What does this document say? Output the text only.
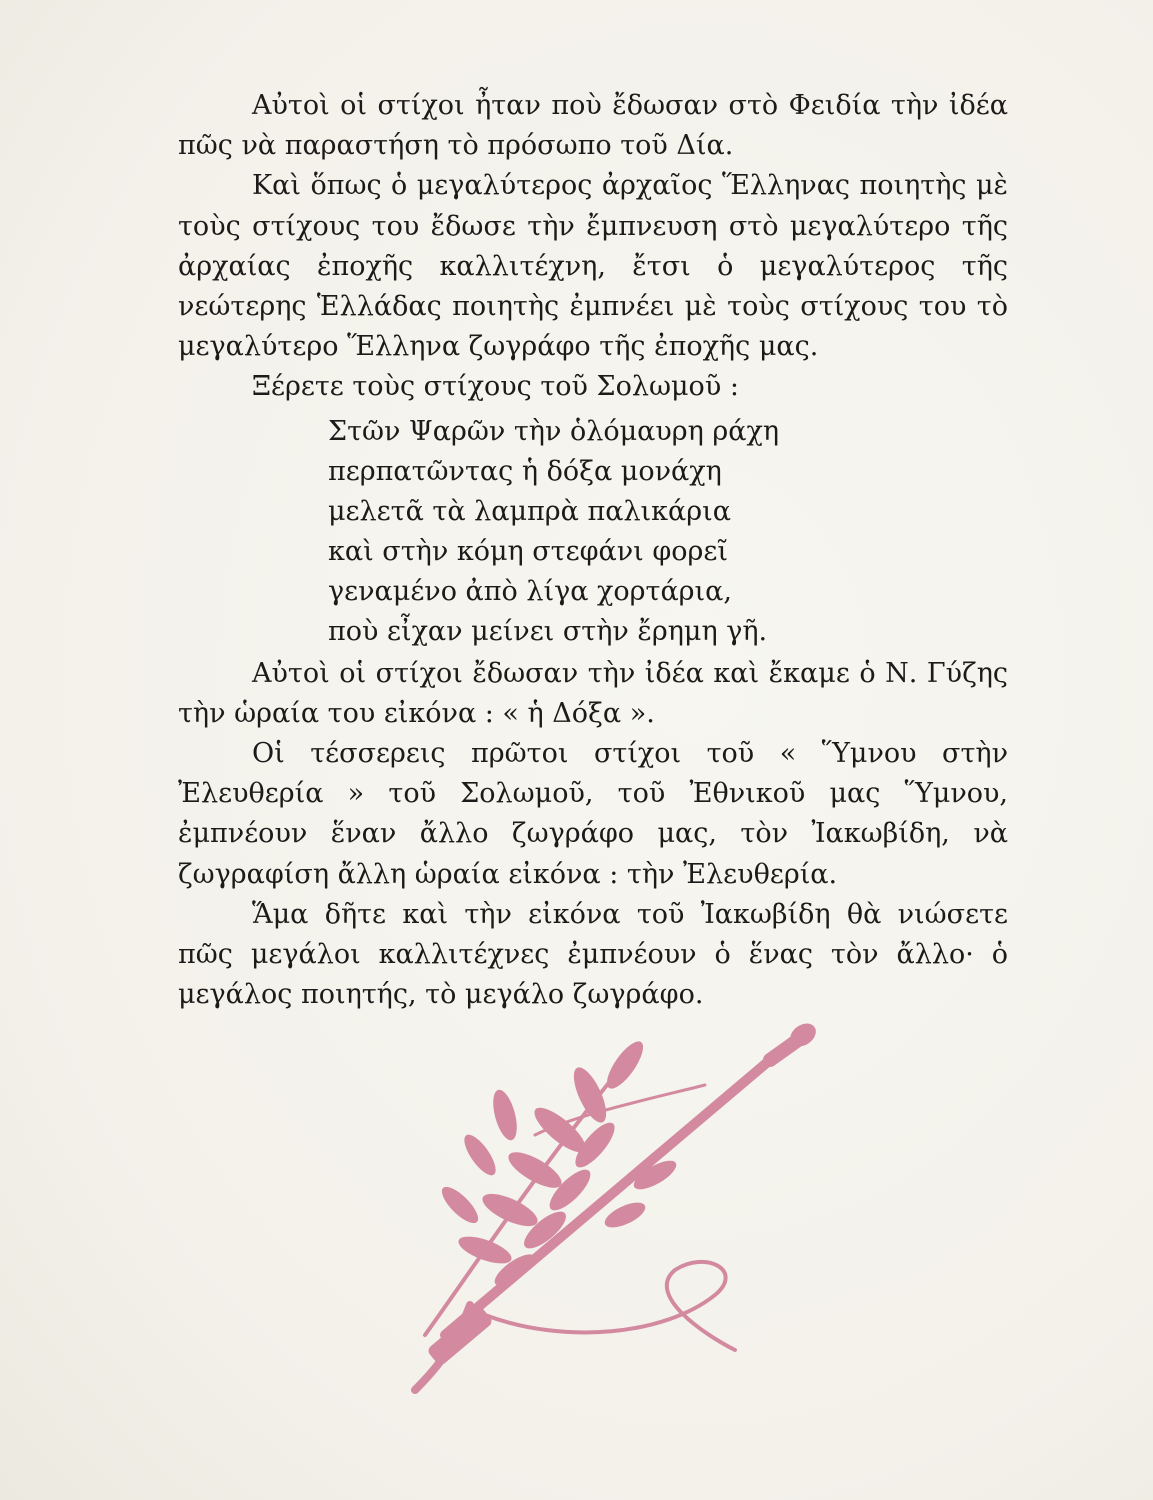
Αὐτοὶ οἱ στίχοι ἦταν ποὺ ἔδωσαν στὸ Φειδία τὴν ἰδέα πῶς νὰ παραστήση τὸ πρόσωπο τοῦ Δία.

Καὶ ὅπως ὁ μεγαλύτερος ἀρχαῖος Ἕλληνας ποιητὴς μὲ τοὺς στίχους του ἔδωσε τὴν ἔμπνευση στὸ μεγαλύτερο τῆς ἀρχαίας ἐποχῆς καλλιτέχνη, ἔτσι ὁ μεγαλύτερος τῆς νεώτερης Ἑλλάδας ποιητὴς ἐμπνέει μὲ τοὺς στίχους του τὸ μεγαλύτερο Ἕλληνα ζωγράφο τῆς ἐποχῆς μας.

Ξέρετε τοὺς στίχους τοῦ Σολωμοῦ :

Στῶν Ψαρῶν τὴν ὁλόμαυρη ράχη
περπατῶντας ἡ δόξα μονάχη
μελετᾶ τὰ λαμπρὰ παλικάρια
καὶ στὴν κόμη στεφάνι φορεῖ
γεναμένο ἀπὸ λίγα χορτάρια,
ποὺ εἶχαν μείνει στὴν ἔρημη γῆ.

Αὐτοὶ οἱ στίχοι ἔδωσαν τὴν ἰδέα καὶ ἔκαμε ὁ Ν. Γύζης τὴν ὡραία του εἰκόνα : « ἡ Δόξα ».

Οἱ τέσσερεις πρῶτοι στίχοι τοῦ « Ὕμνου στὴν Ἐλευθερία » τοῦ Σολωμοῦ, τοῦ Ἐθνικοῦ μας Ὕμνου, ἐμπνέουν ἕναν ἄλλο ζωγράφο μας, τὸν Ἰακωβίδη, νὰ ζωγραφίση ἄλλη ὡραία εἰκόνα : τὴν Ἐλευθερία.

Ἅμα δῆτε καὶ τὴν εἰκόνα τοῦ Ἰακωβίδη θὰ νιώσετε πῶς μεγάλοι καλλιτέχνες ἐμπνέουν ὁ ἕνας τὸν ἄλλο· ὁ μεγάλος ποιητής, τὸ μεγάλο ζωγράφο.
